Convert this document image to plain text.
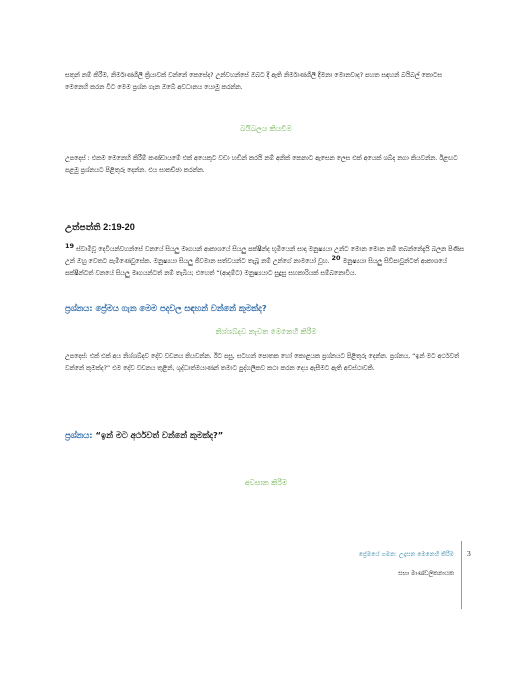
සතුන් නම් කිරීම, නිර්මාණශීලී ක්‍රියාවක් වන්නේ කෙසේද? උන්වහන්සේ ඔබට දී ඇති නිර්මාණශීලී දීමනා මොනවාද? පහත සඳහන් බයිබල් කොටස මෙනෙහි කරන විට මෙම ප්‍රශ්න ගැන ඔබේ අවධානය යොමු කරන්න.
බයිබලය කියවීම
උපදෙස් : එකම මෙනෙහි කිරීම් කණ්ඩායමේ එක් අයෙකුට වඩා හඬින් කරයි නම් අනික් කෙනාට ඇසෙන ලෙස එක් අයෙක් ශබ්ද නගා කියවන්න. ඊළඟට පළමු ප්‍රශ්නයට පිළිතුරු දෙන්න. එය සාකච්ඡා කරන්න.
උත්පත්ති 2:19-20
19 ස්වාමිවූ දෙවියන්වහන්සේ වනයේ සියලු මෘගයන් ආකාශයේ සියලු පක්ෂීන්ද භූමියෙන් සාදා මනුෂ්‍යයා උන්ට මොන මොන නම් තබන්නේදැයි බලන පිණිස උන් ඔහු වෙතට පැමිණෙවුසේක. මනුෂ්‍යයා සියලු ජීවමාන සත්වයන්ට තැබූ නම් උන්ගේ නාමයෝ වූහ. 20 මනුෂ්‍යයා සියලු සිව්පාවුන්ටත් ආකාශයේ පක්ෂීන්ටත් වනයේ සියලු මෘගයන්ටත් නම් තැබීය; එහෙත් “(ආදම්ට) මනුෂ්‍යයාට සුදුසු සහකාරියක් සම්බනොවිය.
ප්‍රශ්නය: ප්‍රේමය ගැන මෙම පදවල සඳහන් වන්නේ කුමක්ද?
නිශ්ශබ්දව නැවත මෙනෙහි කිරීම
උපදෙස්: එක් එක් අය නිශ්ශබ්දව දේව වචනය කියවන්න. ඊට පසු, සටහන් පොතක හෝ කොළයක ප්‍රශ්නයට පිළිතුරු දෙන්න. ප්‍රශ්නය, “ඉන් මට අර්ථවත් වන්නේ කුමක්ද?” එම දේව වචනය තුළින්, ශුද්ධාත්මයාණන් තමාට පුද්ගලිකව කථා කරන දෙය ඇසීමට ඇති අවස්ථාවකි.
ප්‍රශ්නය: “ඉන් මට අර්ථවත් වන්නේ කුමක්ද?”
අවසාන කිරීම
ප්‍රේමයේ ගමන: උදෑසන මෙනෙහි කිරීම
සභා මාණ්ඩලිකනායක
3
